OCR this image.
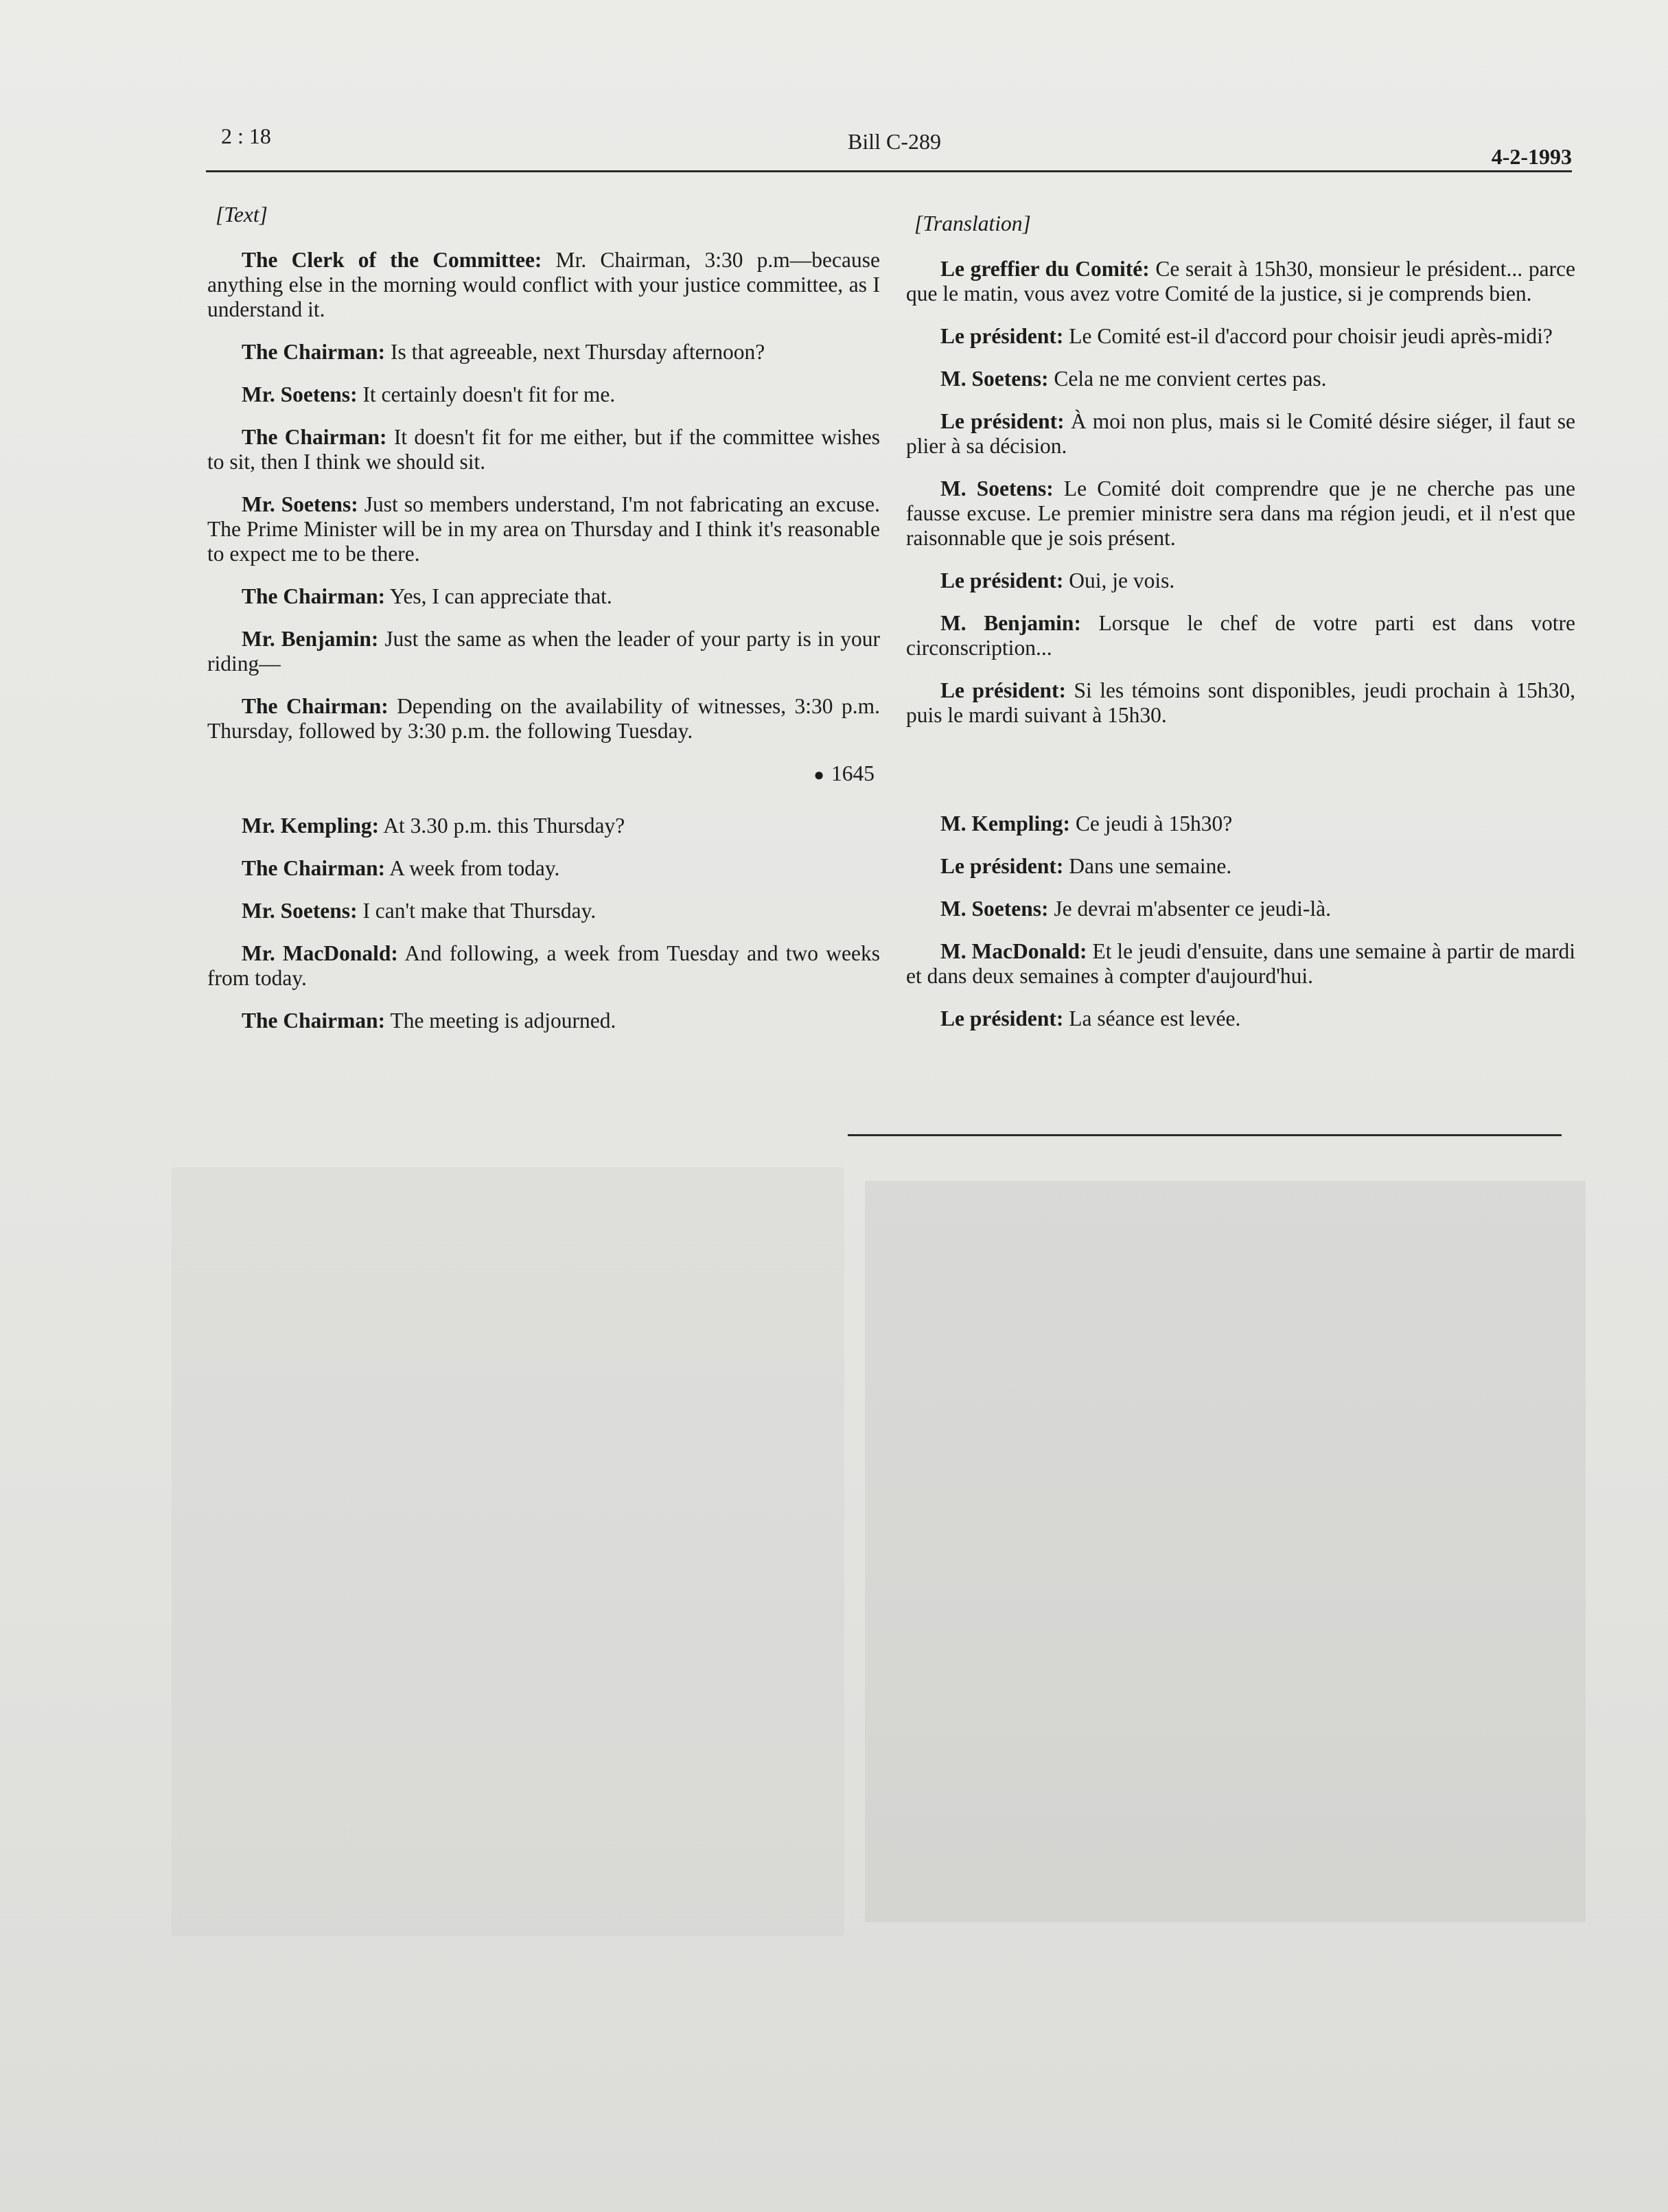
2 : 18	Bill C-289
4-2-1993
[Text]
The Clerk of the Committee: Mr. Chairman, 3:30 p.m—because anything else in the morning would conflict with your justice committee, as I understand it.
The Chairman: Is that agreeable, next Thursday afternoon?
Mr. Soetens: It certainly doesn't fit for me.
The Chairman: It doesn't fit for me either, but if the committee wishes to sit, then I think we should sit.
Mr. Soetens: Just so members understand, I'm not fabricating an excuse. The Prime Minister will be in my area on Thursday and I think it's reasonable to expect me to be there.
The Chairman: Yes, I can appreciate that.
Mr. Benjamin: Just the same as when the leader of your party is in your riding—
The Chairman: Depending on the availability of witnesses, 3:30 p.m. Thursday, followed by 3:30 p.m. the following Tuesday.
● 1645
Mr. Kempling: At 3.30 p.m. this Thursday?
The Chairman: A week from today.
Mr. Soetens: I can't make that Thursday.
Mr. MacDonald: And following, a week from Tuesday and two weeks from today.
The Chairman: The meeting is adjourned.
[Translation]
Le greffier du Comité: Ce serait à 15h30, monsieur le président... parce que le matin, vous avez votre Comité de la justice, si je comprends bien.
Le président: Le Comité est-il d'accord pour choisir jeudi après-midi?
M. Soetens: Cela ne me convient certes pas.
Le président: À moi non plus, mais si le Comité désire siéger, il faut se plier à sa décision.
M. Soetens: Le Comité doit comprendre que je ne cherche pas une fausse excuse. Le premier ministre sera dans ma région jeudi, et il n'est que raisonnable que je sois présent.
Le président: Oui, je vois.
M. Benjamin: Lorsque le chef de votre parti est dans votre circonscription...
Le président: Si les témoins sont disponibles, jeudi prochain à 15h30, puis le mardi suivant à 15h30.
M. Kempling: Ce jeudi à 15h30?
Le président: Dans une semaine.
M. Soetens: Je devrai m'absenter ce jeudi-là.
M. MacDonald: Et le jeudi d'ensuite, dans une semaine à partir de mardi et dans deux semaines à compter d'aujourd'hui.
Le président: La séance est levée.
